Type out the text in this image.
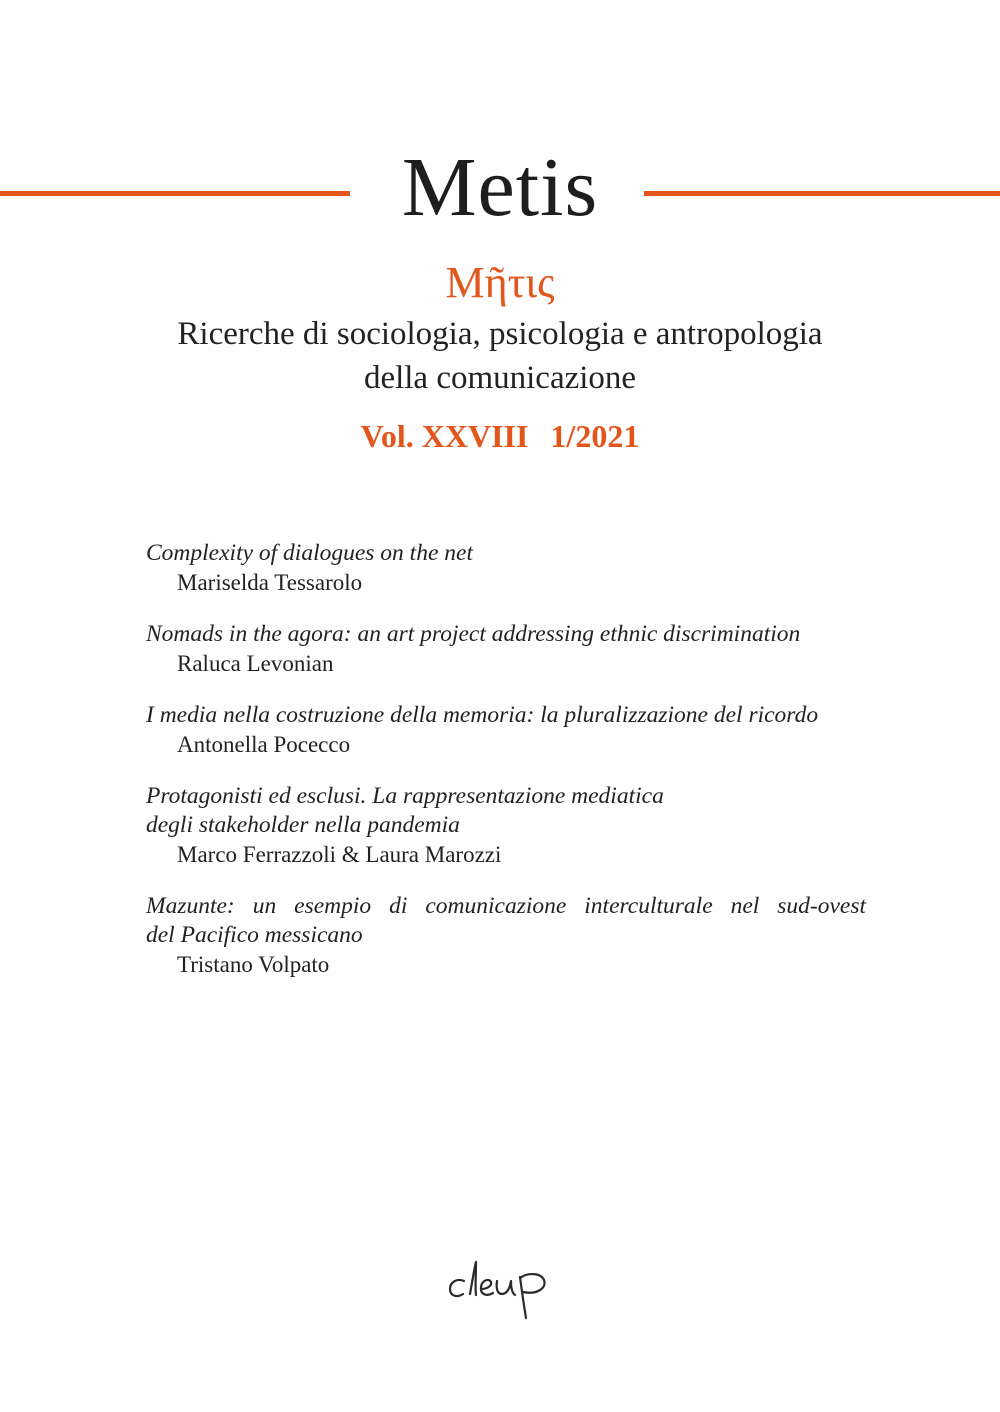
Metis
Μῆτις
Ricerche di sociologia, psicologia e antropologia
della comunicazione
Vol. XXVIII 1/2021
Complexity of dialogues on the net
Mariselda Tessarolo
Nomads in the agora: an art project addressing ethnic discrimination
Raluca Levonian
I media nella costruzione della memoria: la pluralizzazione del ricordo
Antonella Pocecco
Protagonisti ed esclusi. La rappresentazione mediatica
degli stakeholder nella pandemia
Marco Ferrazzoli & Laura Marozzi
Mazunte: un esempio di comunicazione interculturale nel sud-ovest
del Pacifico messicano
Tristano Volpato
